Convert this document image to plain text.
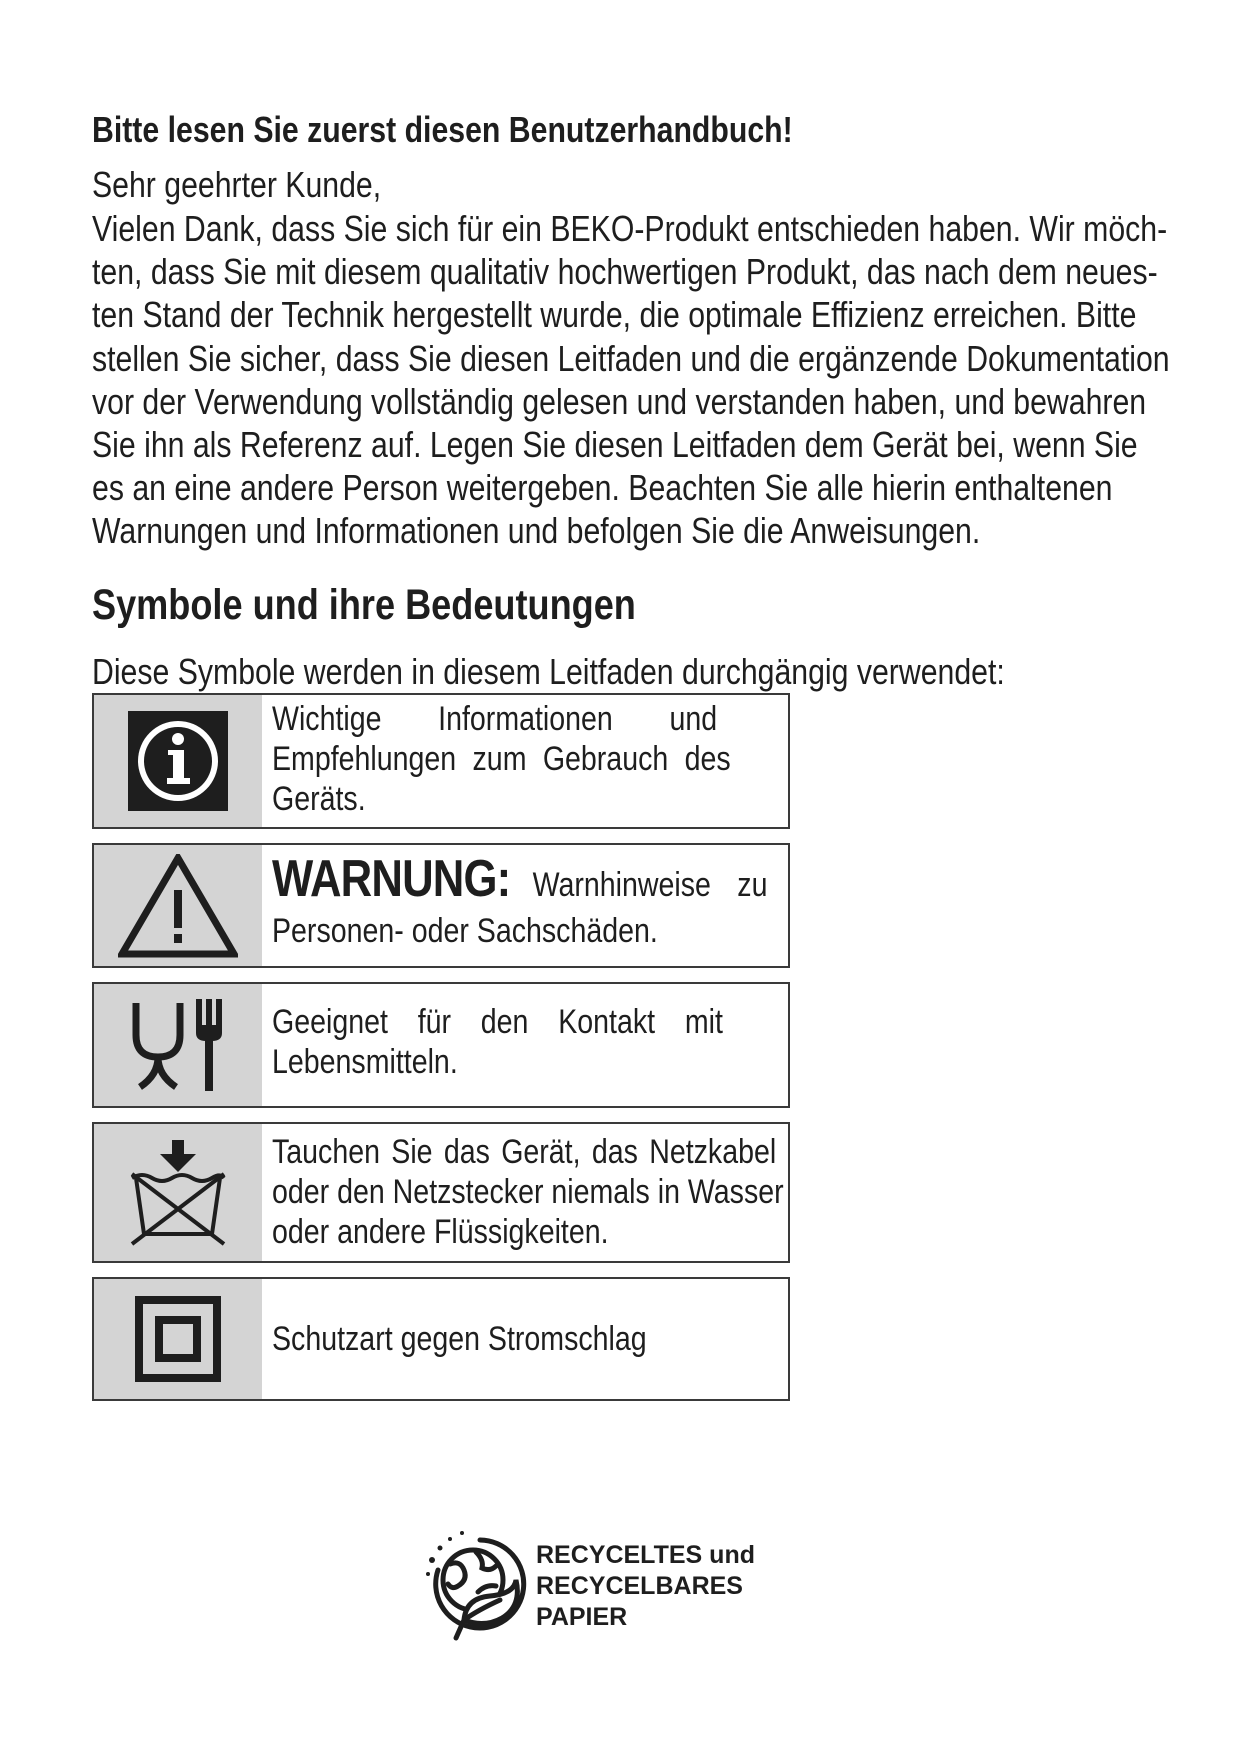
Bitte lesen Sie zuerst diesen Benutzerhandbuch!
Sehr geehrter Kunde,
Vielen Dank, dass Sie sich für ein BEKO-Produkt entschieden haben. Wir möch-
ten, dass Sie mit diesem qualitativ hochwertigen Produkt, das nach dem neues-
ten Stand der Technik hergestellt wurde, die optimale Effizienz erreichen. Bitte
stellen Sie sicher, dass Sie diesen Leitfaden und die ergänzende Dokumentation
vor der Verwendung vollständig gelesen und verstanden haben, und bewahren
Sie ihn als Referenz auf. Legen Sie diesen Leitfaden dem Gerät bei, wenn Sie
es an eine andere Person weitergeben. Beachten Sie alle hierin enthaltenen
Warnungen und Informationen und befolgen Sie die Anweisungen.
Symbole und ihre Bedeutungen
Diese Symbole werden in diesem Leitfaden durchgängig verwendet:
Wichtige Informationen und
Empfehlungen zum Gebrauch des
Geräts.
WARNUNG: Warnhinweise zu
Personen- oder Sachschäden.
Geeignet für den Kontakt mit
Lebensmitteln.
Tauchen Sie das Gerät, das Netzkabel
oder den Netzstecker niemals in Wasser
oder andere Flüssigkeiten.
Schutzart gegen Stromschlag
RECYCELTES und
RECYCELBARES
PAPIER
